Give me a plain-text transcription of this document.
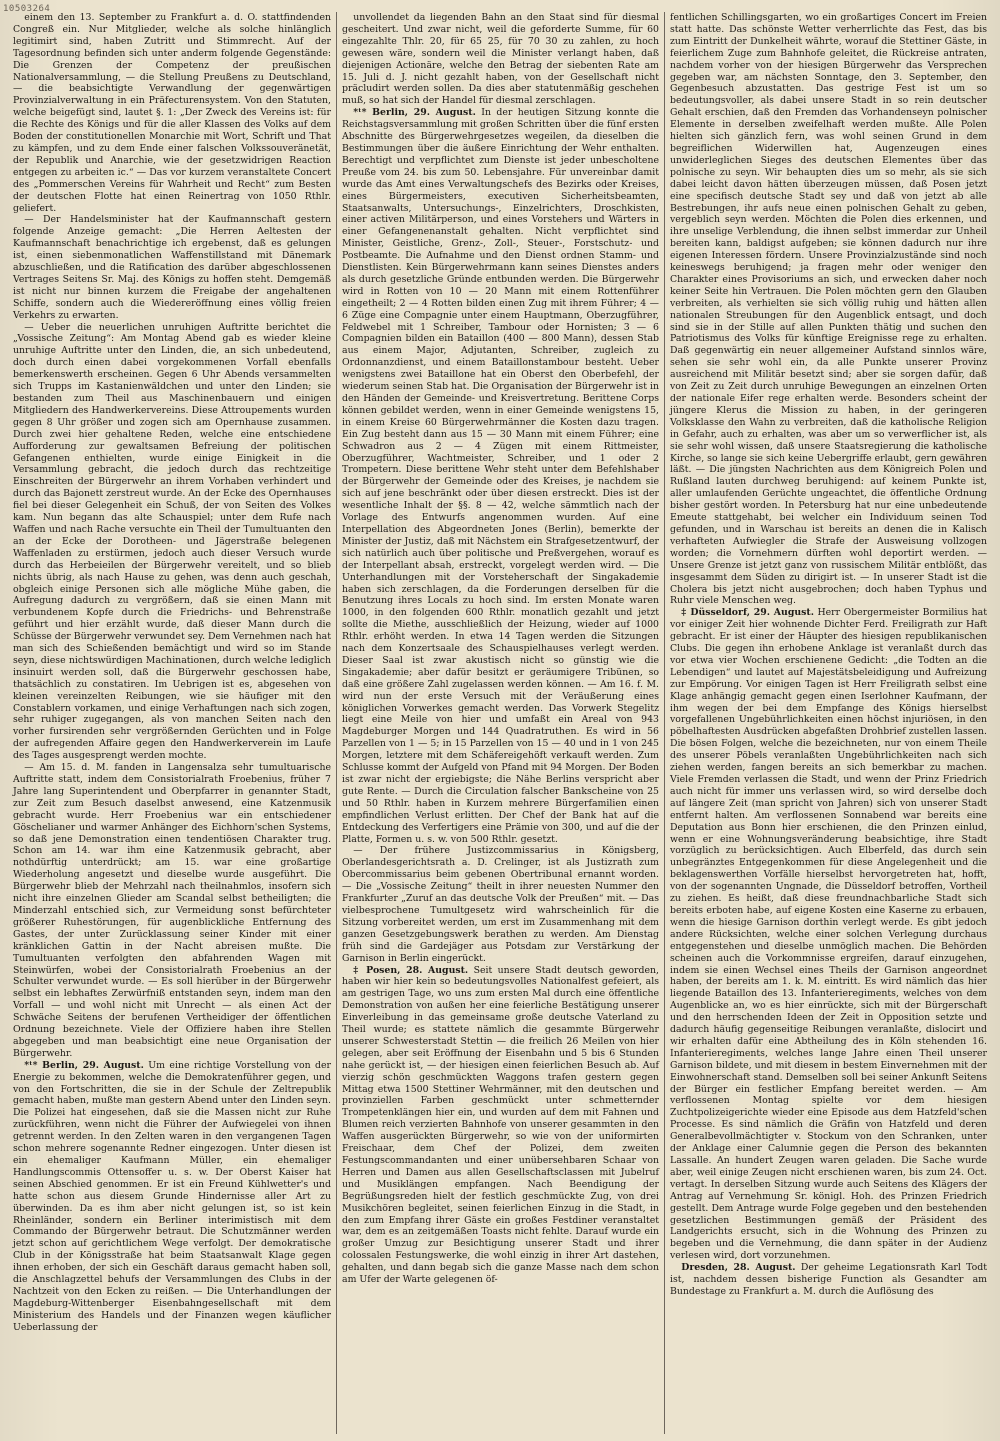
10503264

einem den 13. September zu Frankfurt a. d. O. stattfindenden Congreß ein. Nur Mitglieder, welche als solche hinlänglich legitimirt sind, haben Zutritt und Stimmrecht. Auf der Tagesordnung befinden sich unter anderm folgende Gegenstände: Die Grenzen der Competenz der preußischen Nationalversammlung, — die Stellung Preußens zu Deutschland, — die beabsichtigte Verwandlung der gegenwärtigen Provinzialverwaltung in ein Präfecturensystem. Von den Statuten, welche beigefügt sind, lautet §. 1: „Der Zweck des Vereins ist: für die Rechte des Königs und für die aller Klassen des Volks auf dem Boden der constitutionellen Monarchie mit Wort, Schrift und That zu kämpfen, und zu dem Ende einer falschen Volkssouveränetät, der Republik und Anarchie, wie der gesetzwidrigen Reaction entgegen zu arbeiten ic.“ — Das vor kurzem veranstaltete Concert des „Pommerschen Vereins für Wahrheit und Recht“ zum Besten der deutschen Flotte hat einen Reinertrag von 1050 Rthlr. geliefert.

— Der Handelsminister hat der Kaufmannschaft gestern folgende Anzeige gemacht: „Die Herren Aeltesten der Kaufmannschaft benachrichtige ich ergebenst, daß es gelungen ist, einen siebenmonatlichen Waffenstillstand mit Dänemark abzuschließen, und die Ratification des darüber abgeschlossenen Vertrages Seitens Sr. Maj. des Königs zu hoffen steht. Demgemäß ist nicht nur binnen kurzem die Freigabe der angehaltenen Schiffe, sondern auch die Wiedereröffnung eines völlig freien Verkehrs zu erwarten.

— Ueber die neuerlichen unruhigen Auftritte berichtet die „Vossische Zeitung“: Am Montag Abend gab es wieder kleine unruhige Auftritte unter den Linden, die, an sich unbedeutend, doch durch einen dabei vorgekommenen Vorfall ebenfalls bemerkenswerth erscheinen. Gegen 6 Uhr Abends versammelten sich Trupps im Kastanienwäldchen und unter den Linden; sie bestanden zum Theil aus Maschinenbauern und einigen Mitgliedern des Handwerkervereins. Diese Attroupements wurden gegen 8 Uhr größer und zogen sich am Opernhause zusammen. Durch zwei hier gehaltene Reden, welche eine entschiedene Aufforderung zur gewaltsamen Befreiung der politischen Gefangenen enthielten, wurde einige Einigkeit in die Versammlung gebracht, die jedoch durch das rechtzeitige Einschreiten der Bürgerwehr an ihrem Vorhaben verhindert und durch das Bajonett zerstreut wurde. An der Ecke des Opernhauses fiel bei dieser Gelegenheit ein Schuß, der von Seiten des Volkes kam. Nun begann das alte Schauspiel; unter dem Rufe nach Waffen und nach Rache versuchte ein Theil der Tumultuanten den an der Ecke der Dorotheen- und Jägerstraße belegenen Waffenladen zu erstürmen, jedoch auch dieser Versuch wurde durch das Herbeieilen der Bürgerwehr vereitelt, und so blieb nichts übrig, als nach Hause zu gehen, was denn auch geschah, obgleich einige Personen sich alle mögliche Mühe gaben, die Aufregung dadurch zu vergrößern, daß sie einen Mann mit verbundenem Kopfe durch die Friedrichs- und Behrenstraße geführt und hier erzählt wurde, daß dieser Mann durch die Schüsse der Bürgerwehr verwundet sey. Dem Vernehmen nach hat man sich des Schießenden bemächtigt und wird so im Stande seyn, diese nichtswürdigen Machinationen, durch welche lediglich insinuirt werden soll, daß die Bürgerwehr geschossen habe, thatsächlich zu constatiren. Im Uebrigen ist es, abgesehen von kleinen vereinzelten Reibungen, wie sie häufiger mit den Constablern vorkamen, und einige Verhaftungen nach sich zogen, sehr ruhiger zugegangen, als von manchen Seiten nach den vorher fursirenden sehr vergrößernden Gerüchten und in Folge der aufregenden Affaire gegen den Handwerkerverein im Laufe des Tages ausgesprengt werden mochte.

— Am 15. d. M. fanden in Langensalza sehr tumultuarische Auftritte statt, indem dem Consistorialrath Froebenius, früher 7 Jahre lang Superintendent und Oberpfarrer in genannter Stadt, zur Zeit zum Besuch daselbst anwesend, eine Katzenmusik gebracht wurde. Herr Froebenius war ein entschiedener Göschelianer und warmer Anhänger des Eichhorn'schen Systems, so daß jene Demonstration einen tendentiösen Charakter trug. Schon am 14. war ihm eine Katzenmusik gebracht, aber nothdürftig unterdrückt; am 15. war eine großartige Wiederholung angesetzt und dieselbe wurde ausgeführt. Die Bürgerwehr blieb der Mehrzahl nach theilnahmlos, insofern sich nicht ihre einzelnen Glieder am Scandal selbst betheiligten; die Minderzahl entschied sich, zur Vermeidung sonst befürchteter größerer Ruhestörungen, für augenblickliche Entfernung des Gastes, der unter Zurücklassung seiner Kinder mit einer kränklichen Gattin in der Nacht abreisen mußte. Die Tumultuanten verfolgten den abfahrenden Wagen mit Steinwürfen, wobei der Consistorialrath Froebenius an der Schulter verwundet wurde. — Es soll hierüber in der Bürgerwehr selbst ein lebhaftes Zerwürfniß entstanden seyn, indem man den Vorfall — und wohl nicht mit Unrecht — als einen Act der Schwäche Seitens der berufenen Vertheidiger der öffentlichen Ordnung bezeichnete. Viele der Offiziere haben ihre Stellen abgegeben und man beabsichtigt eine neue Organisation der Bürgerwehr.

*ᵗ* Berlin, 29. August. Um eine richtige Vorstellung von der Energie zu bekommen, welche die Demokratenführer gegen, und von den Fortschritten, die sie in der Schule der Zeltrepublik gemacht haben, mußte man gestern Abend unter den Linden seyn. Die Polizei hat eingesehen, daß sie die Massen nicht zur Ruhe zurückführen, wenn nicht die Führer der Aufwiegelei von ihnen getrennt werden. In den Zelten waren in den vergangenen Tagen schon mehrere sogenannte Redner eingezogen. Unter diesen ist ein ehemaliger Kaufmann Müller, ein ehemaliger Handlungscommis Ottensoffer u. s. w. Der Oberst Kaiser hat seinen Abschied genommen. Er ist ein Freund Kühlwetter's und hatte schon aus diesem Grunde Hindernisse aller Art zu überwinden. Da es ihm aber nicht gelungen ist, so ist kein Rheinländer, sondern ein Berliner interimistisch mit dem Commando der Bürgerwehr betraut. Die Schutzmänner werden jetzt schon auf gerichtlichem Wege verfolgt. Der demokratische Club in der Königsstraße hat beim Staatsanwalt Klage gegen ihnen erhoben, der sich ein Geschäft daraus gemacht haben soll, die Anschlagzettel behufs der Versammlungen des Clubs in der Nachtzeit von den Ecken zu reißen. — Die Unterhandlungen der Magdeburg-Wittenberger Eisenbahngesellschaft mit dem Ministerium des Handels und der Finanzen wegen käuflicher Ueberlassung der

unvollendet da liegenden Bahn an den Staat sind für diesmal gescheitert. Und zwar nicht, weil die geforderte Summe, für 60 eingezahlte Thlr. 20, für 65 25, für 70 30 zu zahlen, zu hoch gewesen wäre, sondern weil die Minister verlangt haben, daß diejenigen Actionäre, welche den Betrag der siebenten Rate am 15. Juli d. J. nicht gezahlt haben, von der Gesellschaft nicht präcludirt werden sollen. Da dies aber statutenmäßig geschehen muß, so hat sich der Handel für diesmal zerschlagen.

*ᵗ* Berlin, 29. August. In der heutigen Sitzung konnte die Reichstagsversammlung mit großen Schritten über die fünf ersten Abschnitte des Bürgerwehrgesetzes wegeilen, da dieselben die Bestimmungen über die äußere Einrichtung der Wehr enthalten. Berechtigt und verpflichtet zum Dienste ist jeder unbescholtene Preuße vom 24. bis zum 50. Lebensjahre. Für unvereinbar damit wurde das Amt eines Verwaltungschefs des Bezirks oder Kreises, eines Bürgermeisters, executiven Sicherheitsbeamten, Staatsanwalts, Untersuchungs-, Einzelrichters, Droschkisten, einer activen Militärperson, und eines Vorstehers und Wärters in einer Gefangenenanstalt gehalten. Nicht verpflichtet sind Minister, Geistliche, Grenz-, Zoll-, Steuer-, Forstschutz- und Postbeamte. Die Aufnahme und den Dienst ordnen Stamm- und Dienstlisten. Kein Bürgerwehrmann kann seines Dienstes anders als durch gesetzliche Gründe entbunden werden. Die Bürgerwehr wird in Rotten von 10 — 20 Mann mit einem Rottenführer eingetheilt; 2 — 4 Rotten bilden einen Zug mit ihrem Führer; 4 — 6 Züge eine Compagnie unter einem Hauptmann, Oberzugführer, Feldwebel mit 1 Schreiber, Tambour oder Hornisten; 3 — 6 Compagnien bilden ein Bataillon (400 — 800 Mann), dessen Stab aus einem Major, Adjutanten, Schreiber, zugleich zu Ordonnanzdienst, und einem Bataillonstambour besteht. Ueber wenigstens zwei Bataillone hat ein Oberst den Oberbefehl, der wiederum seinen Stab hat. Die Organisation der Bürgerwehr ist in den Händen der Gemeinde- und Kreisvertretung. Berittene Corps können gebildet werden, wenn in einer Gemeinde wenigstens 15, in einem Kreise 60 Bürgerwehrmänner die Kosten dazu tragen. Ein Zug besteht dann aus 15 — 30 Mann mit einem Führer; eine Schwadron aus 2 — 4 Zügen mit einem Rittmeister, Oberzugführer, Wachtmeister, Schreiber, und 1 oder 2 Trompetern. Diese berittene Wehr steht unter dem Befehlshaber der Bürgerwehr der Gemeinde oder des Kreises, je nachdem sie sich auf jene beschränkt oder über diesen erstreckt. Dies ist der wesentliche Inhalt der §§. 8 — 42, welche sämmtlich nach der Vorlage des Entwurfs angenommen wurden. Auf eine Interpellation des Abgeordneten Jones (Berlin), bemerkte der Minister der Justiz, daß mit Nächstem ein Strafgesetzentwurf, der sich natürlich auch über politische und Preßvergehen, worauf es der Interpellant absah, erstreckt, vorgelegt werden wird. — Die Unterhandlungen mit der Vorsteherschaft der Singakademie haben sich zerschlagen, da die Forderungen derselben für die Benutzung ihres Locals zu hoch sind. Im ersten Monate waren 1000, in den folgenden 600 Rthlr. monatlich gezahlt und jetzt sollte die Miethe, ausschließlich der Heizung, wieder auf 1000 Rthlr. erhöht werden. In etwa 14 Tagen werden die Sitzungen nach dem Konzertsaale des Schauspielhauses verlegt werden. Dieser Saal ist zwar akustisch nicht so günstig wie die Singakademie; aber dafür besitzt er geräumigere Tribünen, so daß eine größere Zahl zugelassen werden können. — Am 16. f. M. wird nun der erste Versuch mit der Veräußerung eines königlichen Vorwerkes gemacht werden. Das Vorwerk Stegelitz liegt eine Meile von hier und umfaßt ein Areal von 943 Magdeburger Morgen und 144 Quadratruthen. Es wird in 56 Parzellen von 1 — 5; in 15 Parzellen von 15 — 40 und in 1 von 245 Morgen, letztere mit dem Schäfereigehöft verkauft werden. Zum Schlusse kommt der Aufgeld von Pfand mit 94 Morgen. Der Boden ist zwar nicht der ergiebigste; die Nähe Berlins verspricht aber gute Rente. — Durch die Circulation falscher Bankscheine von 25 und 50 Rthlr. haben in Kurzem mehrere Bürgerfamilien einen empfindlichen Verlust erlitten. Der Chef der Bank hat auf die Entdeckung des Verfertigers eine Prämie von 300, und auf die der Platte, Formen u. s. w. von 500 Rthlr. gesetzt.

— Der frühere Justizcommissarius in Königsberg, Oberlandesgerichtsrath a. D. Crelinger, ist als Justizrath zum Obercommissarius beim gebenen Obertribunal ernannt worden. — Die „Vossische Zeitung“ theilt in ihrer neuesten Nummer den Frankfurter „Zuruf an das deutsche Volk der Preußen“ mit. — Das vielbesprochene Tumultgesetz wird wahrscheinlich für die Sitzung vorbereitet werden, um erst im Zusammenhang mit dem ganzen Gesetzgebungswerk berathen zu werden. Am Dienstag früh sind die Gardejäger aus Potsdam zur Verstärkung der Garnison in Berlin eingerückt.

‡ Posen, 28. August. Seit unsere Stadt deutsch geworden, haben wir hier kein so bedeutungsvolles Nationalfest gefeiert, als am gestrigen Tage, wo uns zum ersten Mal durch eine öffentliche Demonstration von außen her eine feierliche Bestätigung unserer Einverleibung in das gemeinsame große deutsche Vaterland zu Theil wurde; es stattete nämlich die gesammte Bürgerwehr unserer Schwesterstadt Stettin — die freilich 26 Meilen von hier gelegen, aber seit Eröffnung der Eisenbahn und 5 bis 6 Stunden nahe gerückt ist, — der hiesigen einen feierlichen Besuch ab. Auf vierzig schön geschmückten Waggons trafen gestern gegen Mittag etwa 1500 Stettiner Wehrmänner, mit den deutschen und provinziellen Farben geschmückt unter schmetternder Trompetenklängen hier ein, und wurden auf dem mit Fahnen und Blumen reich verzierten Bahnhofe von unserer gesammten in den Waffen ausgerückten Bürgerwehr, so wie von der uniformirten Freischaar, dem Chef der Polizei, dem zweiten Festungscommandanten und einer unübersehbaren Schaar von Herren und Damen aus allen Gesellschaftsclassen mit Jubelruf und Musiklängen empfangen. Nach Beendigung der Begrüßungsreden hielt der festlich geschmückte Zug, von drei Musikchören begleitet, seinen feierlichen Einzug in die Stadt, in den zum Empfang ihrer Gäste ein großes Festdiner veranstaltet war, dem es an zeitgemäßen Toasts nicht fehlte. Darauf wurde ein großer Umzug zur Besichtigung unserer Stadt und ihrer colossalen Festungswerke, die wohl einzig in ihrer Art dastehen, gehalten, und dann begab sich die ganze Masse nach dem schon am Ufer der Warte gelegenen öf-

fentlichen Schillingsgarten, wo ein großartiges Concert im Freien statt hatte. Das schönste Wetter verherrlichte das Fest, das bis zum Eintritt der Dunkelheit währte, worauf die Stettiner Gäste, in feierlichem Zuge zum Bahnhofe geleitet, die Rückreise antraten, nachdem vorher von der hiesigen Bürgerwehr das Versprechen gegeben war, am nächsten Sonntage, den 3. September, den Gegenbesuch abzustatten. Das gestrige Fest ist um so bedeutungsvoller, als dabei unsere Stadt in so rein deutscher Gehalt erschien, daß den Fremden das Vorhandenseyn polnischer Elemente in derselben zweifelhaft werden mußte. Alle Polen hielten sich gänzlich fern, was wohl seinen Grund in dem begreiflichen Widerwillen hat, Augenzeugen eines unwiderleglichen Sieges des deutschen Elementes über das polnische zu seyn. Wir behaupten dies um so mehr, als sie sich dabei leicht davon hätten überzeugen müssen, daß Posen jetzt eine specifisch deutsche Stadt sey und daß von jetzt ab alle Bestrebungen, ihr aufs neue einen polnischen Gehalt zu geben, vergeblich seyn werden. Möchten die Polen dies erkennen, und ihre unselige Verblendung, die ihnen selbst immerdar zur Unheil bereiten kann, baldigst aufgeben; sie können dadurch nur ihre eigenen Interessen fördern. Unsere Provinzialzustände sind noch keineswegs beruhigend; ja fragen mehr oder weniger den Charakter eines Provisoriums an sich, und erwecken daher noch keiner Seite hin Vertrauen. Die Polen möchten gern den Glauben verbreiten, als verhielten sie sich völlig ruhig und hätten allen nationalen Streubungen für den Augenblick entsagt, und doch sind sie in der Stille auf allen Punkten thätig und suchen den Patriotismus des Volks für künftige Ereignisse rege zu erhalten. Daß gegenwärtig ein neuer allgemeiner Aufstand sinnlos wäre, sehen sie sehr wohl ein, da alle Punkte unserer Provinz ausreichend mit Militär besetzt sind; aber sie sorgen dafür, daß von Zeit zu Zeit durch unruhige Bewegungen an einzelnen Orten der nationale Eifer rege erhalten werde. Besonders scheint der jüngere Klerus die Mission zu haben, in der geringeren Volksklasse den Wahn zu verbreiten, daß die katholische Religion in Gefahr, auch zu erhalten, was aber um so verwerflicher ist, als sie sehr wohl wissen, daß unsere Staatsregierung die katholische Kirche, so lange sie sich keine Uebergriffe erlaubt, gern gewähren läßt. — Die jüngsten Nachrichten aus dem Königreich Polen und Rußland lauten durchweg beruhigend: auf keinem Punkte ist, aller umlaufenden Gerüchte ungeachtet, die öffentliche Ordnung bisher gestört worden. In Petersburg hat nur eine unbedeutende Emeute stattgehabt, bei welcher ein Individuum seinen Tod gefunden, und in Warschau ist bereits an denen die in Kalisch verhafteten Aufwiegler die Strafe der Ausweisung vollzogen worden; die Vornehmern dürften wohl deportirt werden. — Unsere Grenze ist jetzt ganz von russischem Militär entblößt, das insgesammt dem Süden zu dirigirt ist. — In unserer Stadt ist die Cholera bis jetzt nicht ausgebrochen; doch haben Typhus und Ruhr viele Menschen weg.

‡ Düsseldorf, 29. August. Herr Obergermeister Bormilius hat vor einiger Zeit hier wohnende Dichter Ferd. Freiligrath zur Haft gebracht. Er ist einer der Häupter des hiesigen republikanischen Clubs. Die gegen ihn erhobene Anklage ist veranlaßt durch das vor etwa vier Wochen erschienene Gedicht: „die Todten an die Lebendigen“ und lautet auf Majestätsbeleidigung und Aufreizung zur Empörung. Vor einigen Tagen ist Herr Freiligrath selbst eine Klage anhängig gemacht gegen einen Iserlohner Kaufmann, der ihm wegen der bei dem Empfange des Königs hierselbst vorgefallenen Ungebührlichkeiten einen höchst injuriösen, in den pöbelhaftesten Ausdrücken abgefaßten Drohbrief zustellen lassen. Die bösen Folgen, welche die bezeichneten, nur von einem Theile des unserer Pöbels veranlaßten Ungebührlichkeiten nach sich ziehen werden, fangen bereits an sich bemerkbar zu machen. Viele Fremden verlassen die Stadt, und wenn der Prinz Friedrich auch nicht für immer uns verlassen wird, so wird derselbe doch auf längere Zeit (man spricht von Jahren) sich von unserer Stadt entfernt halten. Am verflossenen Sonnabend war bereits eine Deputation aus Bonn hier erschienen, die den Prinzen einlud, wenn er eine Wohnungsveränderung beabsichtige, ihre Stadt vorzüglich zu berücksichtigen. Auch Elberfeld, das durch sein unbegränztes Entgegenkommen für diese Angelegenheit und die beklagenswerthen Vorfälle hierselbst hervorgetreten hat, hofft, von der sogenannten Ungnade, die Düsseldorf betroffen, Vortheil zu ziehen. Es heißt, daß diese freundnachbarliche Stadt sich bereits erboten habe, auf eigene Kosten eine Kaserne zu erbauen, wenn die hiesige Garnison dorthin verlegt werde. Es gibt jedoch andere Rücksichten, welche einer solchen Verlegung durchaus entgegenstehen und dieselbe unmöglich machen. Die Behörden scheinen auch die Vorkommnisse ergreifen, darauf einzugehen, indem sie einen Wechsel eines Theils der Garnison angeordnet haben, der bereits am 1. k. M. eintritt. Es wird nämlich das hier liegende Bataillon des 13. Infanterieregiments, welches von dem Augenblicke an, wo es hier einrückte, sich mit der Bürgerschaft und den herrschenden Ideen der Zeit in Opposition setzte und dadurch häufig gegenseitige Reibungen veranlaßte, dislocirt und wir erhalten dafür eine Abtheilung des in Köln stehenden 16. Infanterieregiments, welches lange Jahre einen Theil unserer Garnison bildete, und mit diesem in bestem Einvernehmen mit der Einwohnerschaft stand. Demselben soll bei seiner Ankunft Seitens der Bürger ein festlicher Empfang bereitet werden. — Am verflossenen Montag spielte vor dem hiesigen Zuchtpolizeigerichte wieder eine Episode aus dem Hatzfeld'schen Processe. Es sind nämlich die Gräfin von Hatzfeld und deren Generalbevollmächtigter v. Stockum von den Schranken, unter der Anklage einer Calumnie gegen die Person des bekannten Lassalle. An hundert Zeugen waren geladen. Die Sache wurde aber, weil einige Zeugen nicht erschienen waren, bis zum 24. Oct. vertagt. In derselben Sitzung wurde auch Seitens des Klägers der Antrag auf Vernehmung Sr. königl. Hoh. des Prinzen Friedrich gestellt. Dem Antrage wurde Folge gegeben und den bestehenden gesetzlichen Bestimmungen gemäß der Präsident des Landgerichts ersucht, sich in die Wohnung des Prinzen zu begeben und die Vernehmung, die dann später in der Audienz verlesen wird, dort vorzunehmen.

Dresden, 28. August. Der geheime Legationsrath Karl Todt ist, nachdem dessen bisherige Function als Gesandter am Bundestage zu Frankfurt a. M. durch die Auflösung des
